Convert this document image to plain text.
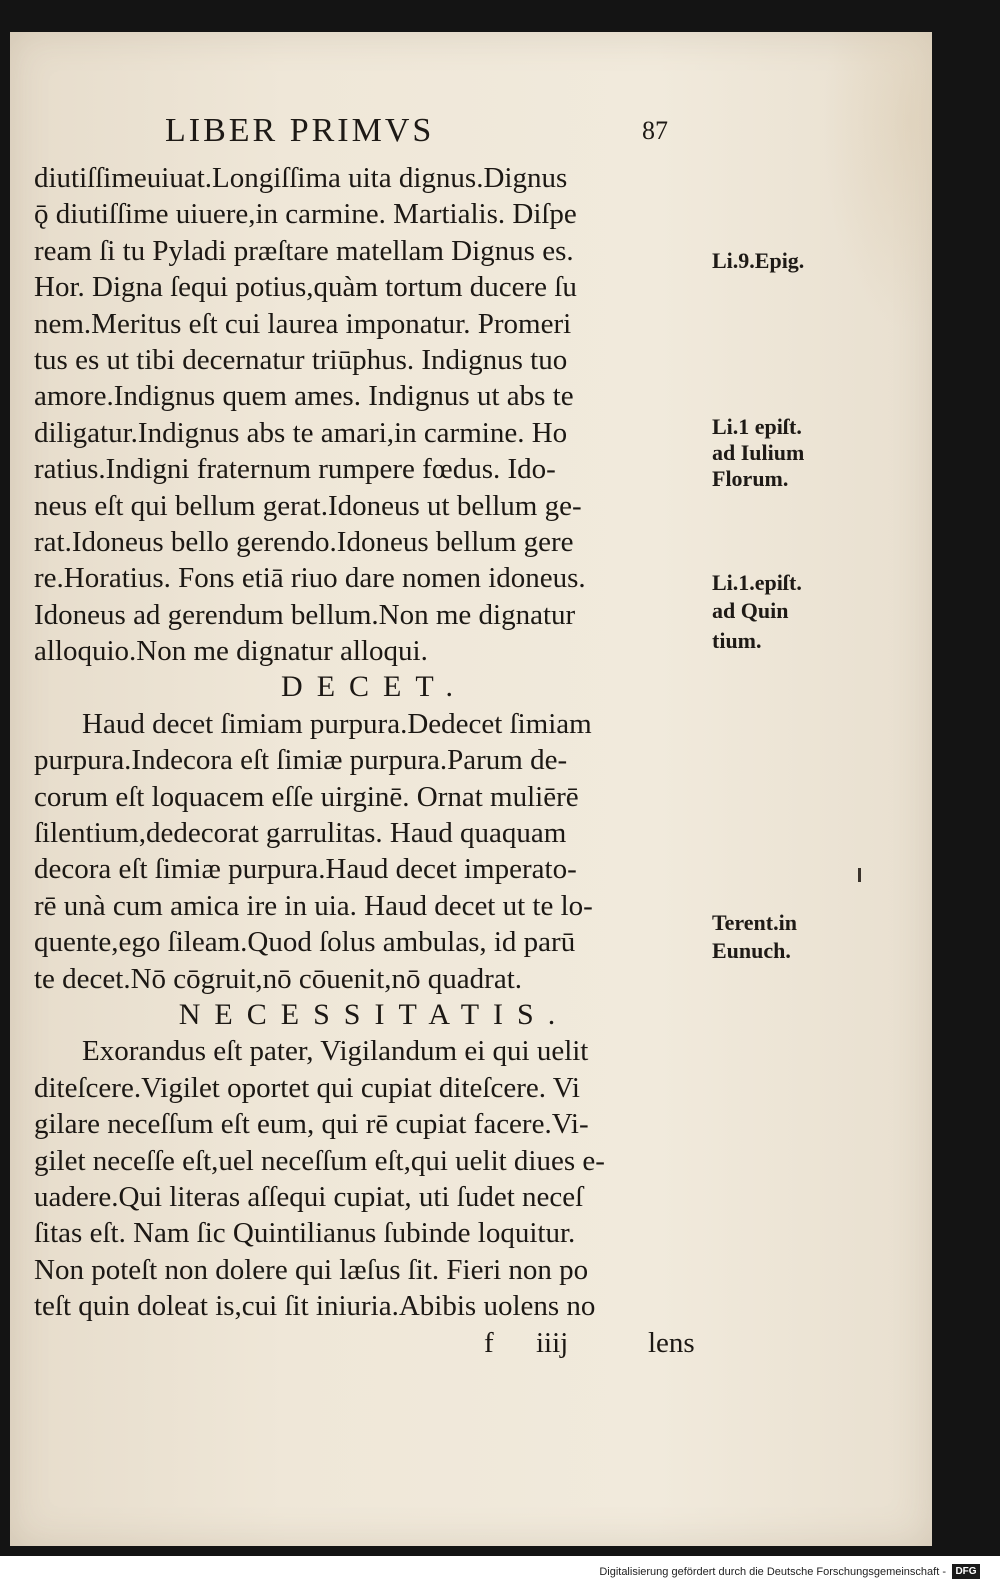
LIBER PRIMVS	87
diutiſſimeuiuat.Longiſſima uita dignus.Dignus
ǭ diutiſſime uiuere,in carmine. Martialis. Diſpe
ream ſi tu Pyladi præſtare matellam Dignus es.
Hor. Digna ſequi potius,quàm tortum ducere ſu
nem.Meritus eſt cui laurea imponatur. Promeri
tus es ut tibi decernatur triūphus. Indignus tuo
amore.Indignus quem ames. Indignus ut abs te
diligatur.Indignus abs te amari,in carmine. Ho
ratius.Indigni fraternum rumpere fœdus. Ido-
neus eſt qui bellum gerat.Idoneus ut bellum ge-
rat.Idoneus bello gerendo.Idoneus bellum gere
re.Horatius. Fons etiā riuo dare nomen idoneus.
Idoneus ad gerendum bellum.Non me dignatur
alloquio.Non me dignatur alloqui.
DECET.
Haud decet ſimiam purpura.Dedecet ſimiam
purpura.Indecora eſt ſimiæ purpura.Parum de-
corum eſt loquacem eſſe uirginē. Ornat muliērē
ſilentium,dedecorat garrulitas. Haud quaquam
decora eſt ſimiæ purpura.Haud decet imperato-
rē unà cum amica ire in uia. Haud decet ut te lo-
quente,ego ſileam.Quod ſolus ambulas, id parū
te decet.Nō cōgruit,nō cōuenit,nō quadrat.
NECESSITATIS.
Exorandus eſt pater, Vigilandum ei qui uelit
diteſcere.Vigilet oportet qui cupiat diteſcere. Vi
gilare neceſſum eſt eum, qui rē cupiat facere.Vi-
gilet neceſſe eſt,uel neceſſum eſt,qui uelit diues e-
uadere.Qui literas aſſequi cupiat, uti ſudet neceſ
ſitas eſt. Nam ſic Quintilianus ſubinde loquitur.
Non poteſt non dolere qui læſus ſit. Fieri non po
teſt quin doleat is,cui ſit iniuria.Abibis uolens no
f iiij	lens
Li.9.Epig.
Li.1 epiſt.
ad Iulium
Florum.
Li.1.epiſt.
ad Quin
tium.
Terent.in
Eunuch.
Digitalisierung gefördert durch die Deutsche Forschungsgemeinschaft - DFG
